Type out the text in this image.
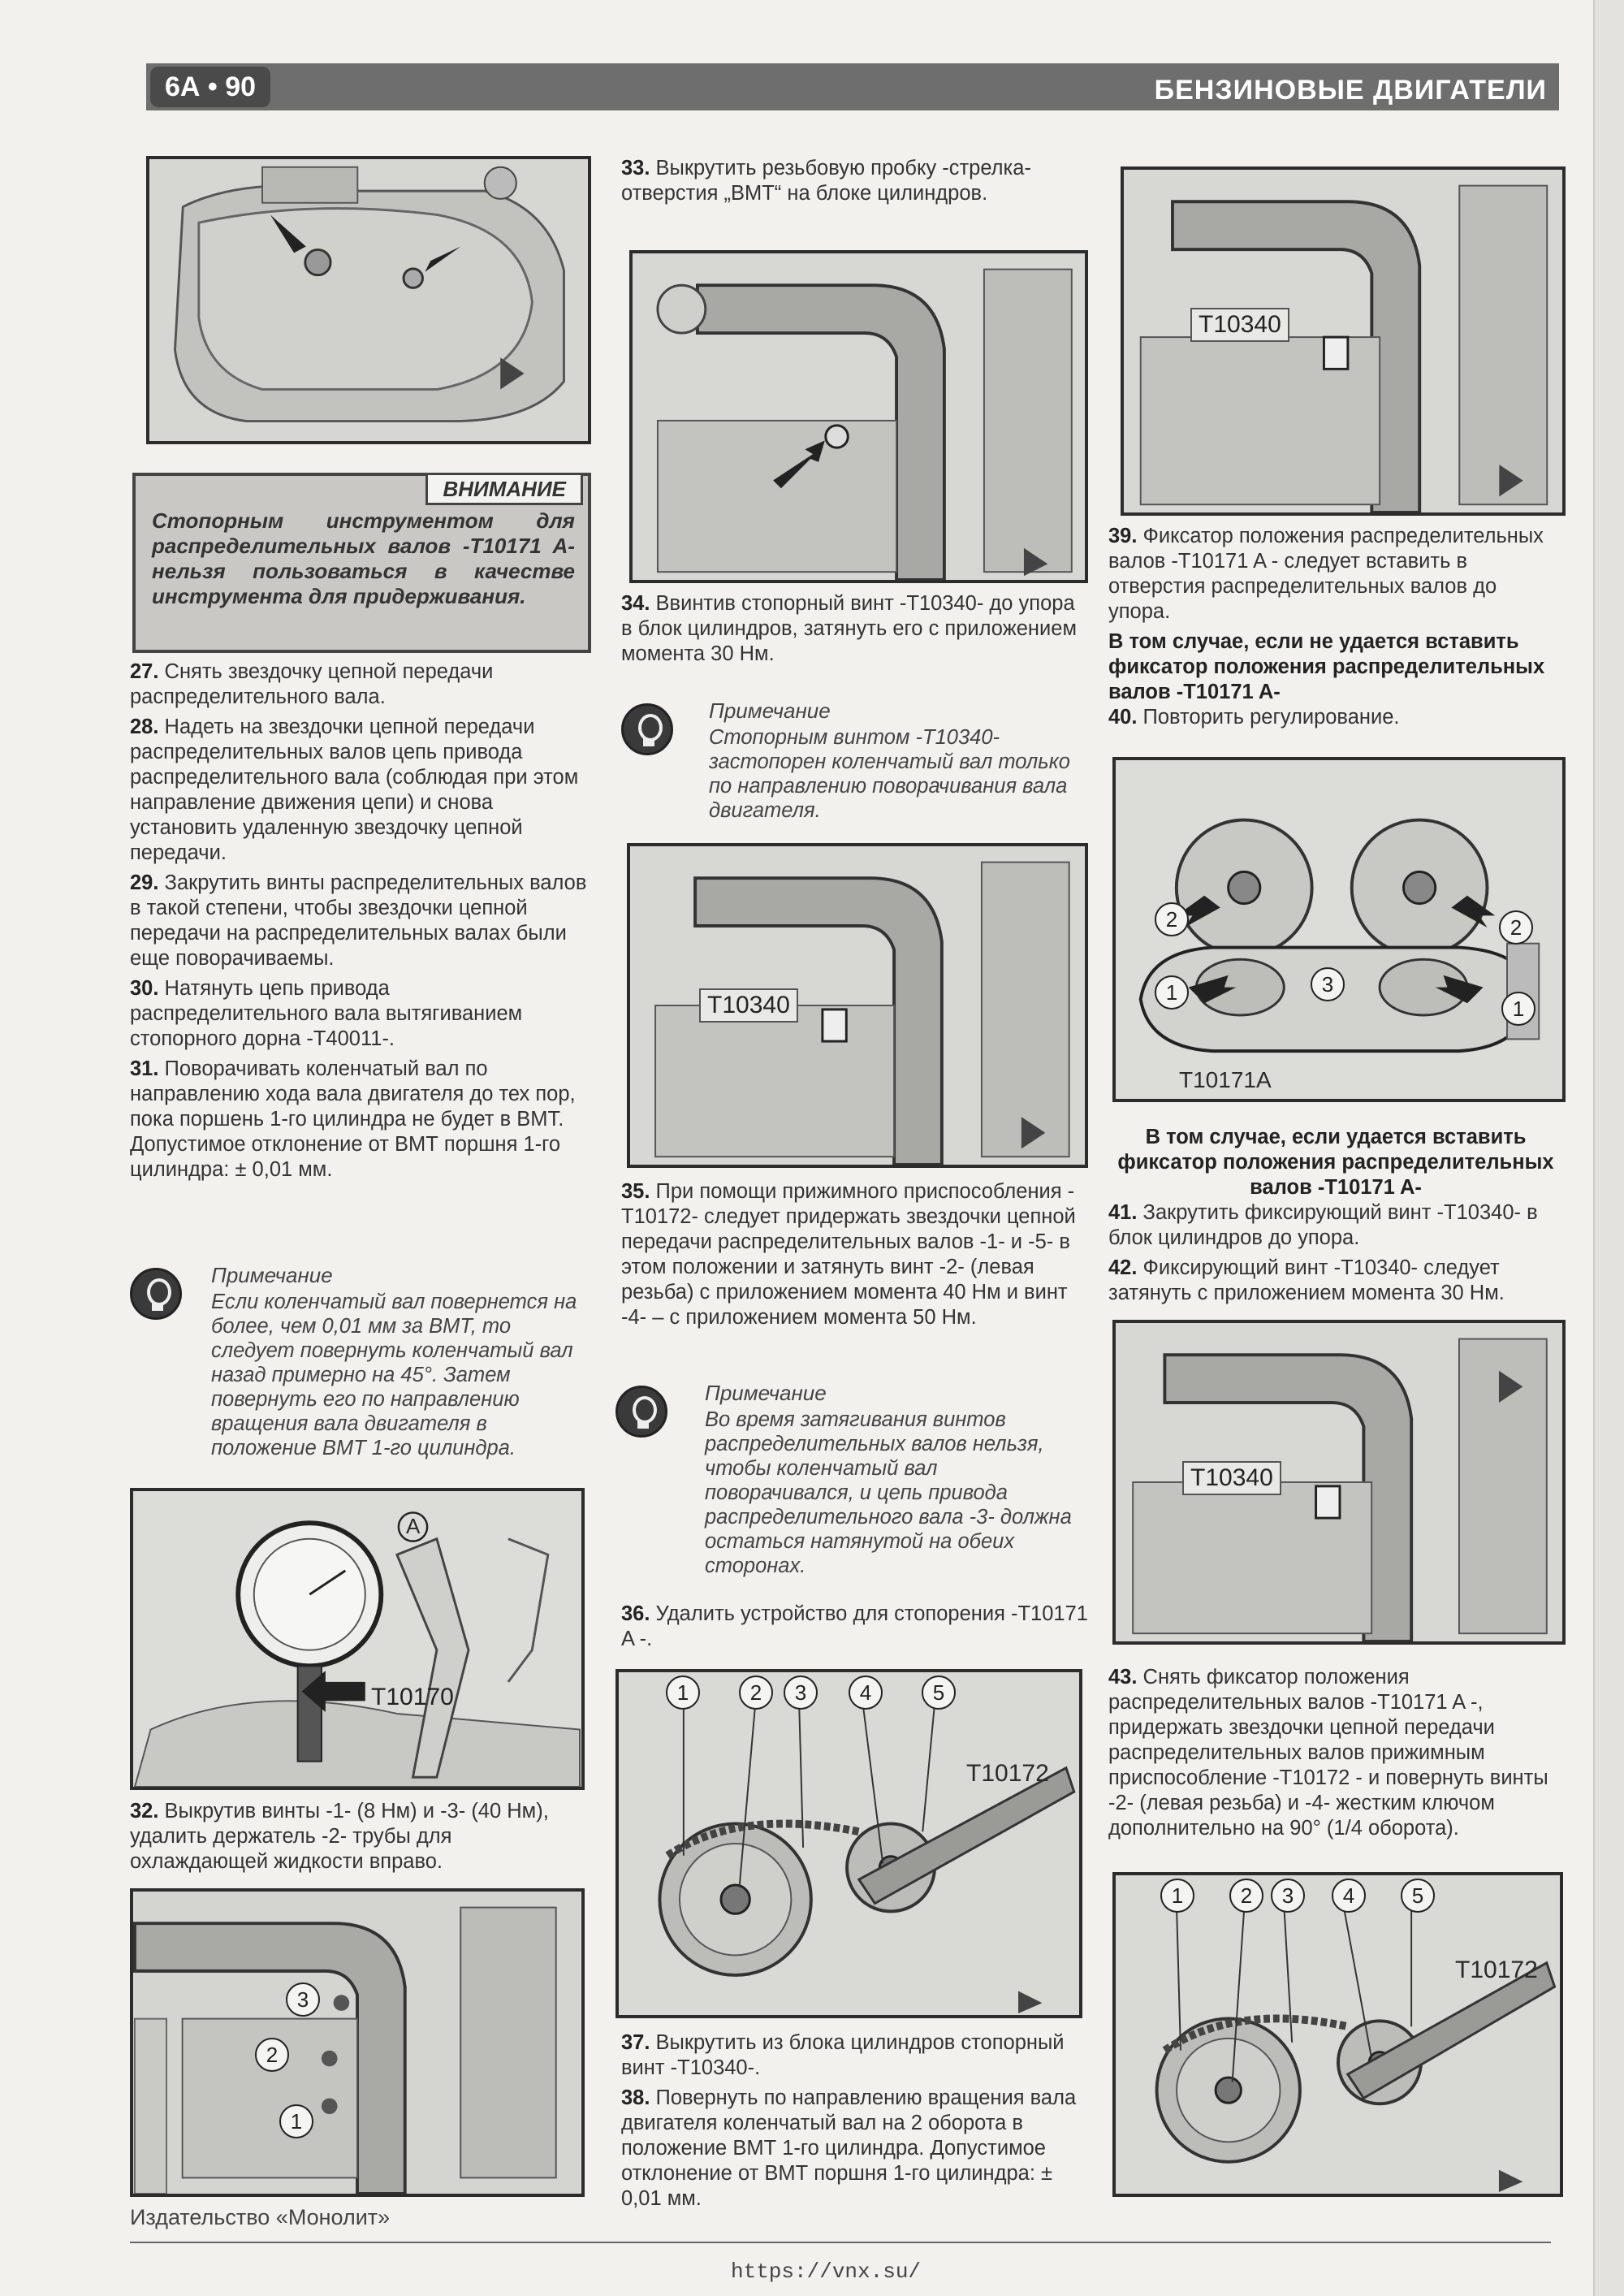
6А • 90	БЕНЗИНОВЫЕ ДВИГАТЕЛИ
ВНИМАНИЕ
Стопорным инструментом для распределительных валов -T10171 A- нельзя пользоваться в качестве инструмента для придерживания.

27. Снять звездочку цепной передачи распределительного вала.

28. Надеть на звездочки цепной передачи распределительных валов цепь привода распределительного вала (соблюдая при этом направление движения цепи) и снова установить удаленную звездочку цепной передачи.

29. Закрутить винты распределительных валов в такой степени, чтобы звездочки цепной передачи на распределительных валах были еще поворачиваемы.

30. Натянуть цепь привода распределительного вала вытягиванием стопорного дорна -T40011-.

31. Поворачивать коленчатый вал по направлению хода вала двигателя до тех пор, пока поршень 1-го цилиндра не будет в ВМТ. Допустимое отклонение от ВМТ поршня 1-го цилиндра: ± 0,01 мм.

Примечание
Если коленчатый вал повернется на более, чем 0,01 мм за ВМТ, то следует повернуть коленчатый вал назад примерно на 45°. Затем повернуть его по направлению вращения вала двигателя в положение ВМТ 1-го цилиндра.
A
T10170

32. Выкрутив винты -1- (8 Нм) и -3- (40 Нм), удалить держатель -2- трубы для охлаждающей жидкости вправо.

3
2
1

33. Выкрутить резьбовую пробку -стрелка- отверстия „ВМТ“ на блоке цилиндров.

34. Ввинтив стопорный винт -T10340- до упора в блок цилиндров, затянуть его с приложением момента 30 Нм.

Примечание
Стопорным винтом -T10340- застопорен коленчатый вал только по направлению поворачивания вала двигателя.
T10340

35. При помощи прижимного приспособления -T10172- следует придержать звездочки цепной передачи распределительных валов -1- и -5- в этом положении и затянуть винт -2- (левая резьба) с приложением момента 40 Нм и винт -4- – с приложением момента 50 Нм.

Примечание
Во время затягивания винтов распределительных валов нельзя, чтобы коленчатый вал поворачивался, и цепь привода распределительного вала -3- должна остаться натянутой на обеих сторонах.

36. Удалить устройство для стопорения -T10171 A -.

1	2	3	4	5
T10172

37. Выкрутить из блока цилиндров стопорный винт -T10340-.

38. Повернуть по направлению вращения вала двигателя коленчатый вал на 2 оборота в положение ВМТ 1-го цилиндра. Допустимое отклонение от ВМТ поршня 1-го цилиндра: ± 0,01 мм.

T10340

39. Фиксатор положения распределительных валов -T10171 A - следует вставить в отверстия распределительных валов до упора.

В том случае, если не удается вставить фиксатор положения распределительных валов -T10171 A-

40. Повторить регулирование.

2	2
1	3
1
T10171A

В том случае, если удается вставить фиксатор положения распределительных валов -T10171 A-

41. Закрутить фиксирующий винт -T10340- в блок цилиндров до упора.

42. Фиксирующий винт -T10340- следует затянуть с приложением момента 30 Нм.

T10340

43. Снять фиксатор положения распределительных валов -T10171 A -, придержать звездочки цепной передачи распределительных валов прижимным приспособление -T10172 - и повернуть винты -2- (левая резьба) и -4- жестким ключом дополнительно на 90° (1/4 оборота).

1	2	3	4	5
T10172
Издательство «Монолит»
https://vnx.su/
